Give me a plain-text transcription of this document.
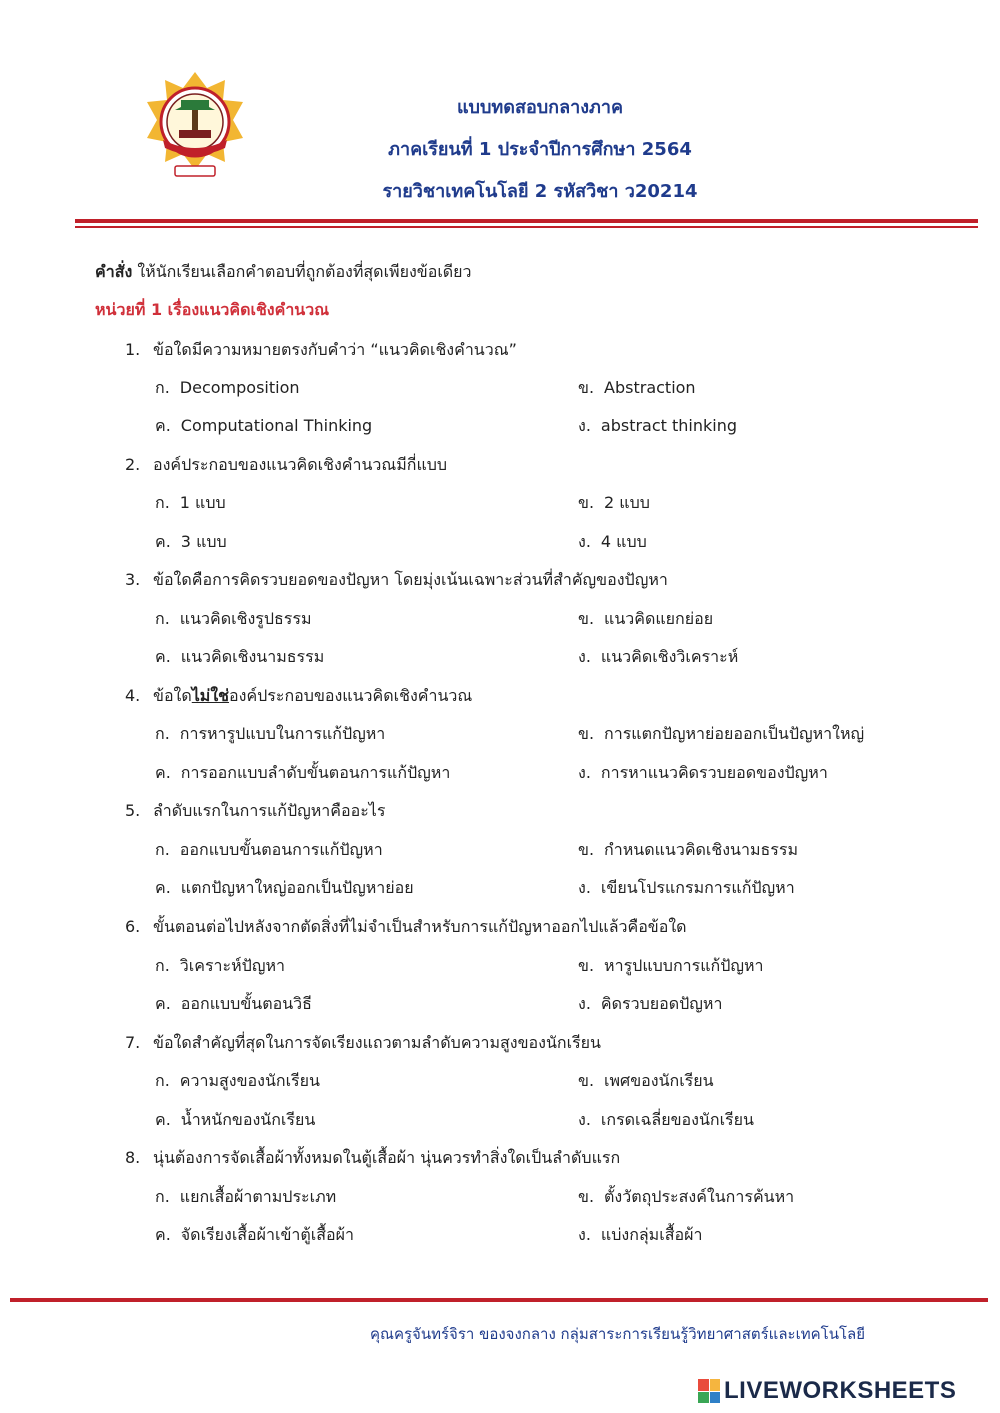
แบบทดสอบกลางภาค
ภาคเรียนที่ 1 ประจำปีการศึกษา 2564
รายวิชาเทคโนโลยี 2 รหัสวิชา ว20214
คำสั่ง ให้นักเรียนเลือกคำตอบที่ถูกต้องที่สุดเพียงข้อเดียว
หน่วยที่ 1 เรื่องแนวคิดเชิงคำนวณ
1. ข้อใดมีความหมายตรงกับคำว่า “แนวคิดเชิงคำนวณ”
ก. Decomposition	ข. Abstraction
ค. Computational Thinking	ง. abstract thinking
2. องค์ประกอบของแนวคิดเชิงคำนวณมีกี่แบบ
ก. 1 แบบ	ข. 2 แบบ
ค. 3 แบบ	ง. 4 แบบ
3. ข้อใดคือการคิดรวบยอดของปัญหา โดยมุ่งเน้นเฉพาะส่วนที่สำคัญของปัญหา
ก. แนวคิดเชิงรูปธรรม	ข. แนวคิดแยกย่อย
ค. แนวคิดเชิงนามธรรม	ง. แนวคิดเชิงวิเคราะห์
4. ข้อใดไม่ใช่องค์ประกอบของแนวคิดเชิงคำนวณ
ก. การหารูปแบบในการแก้ปัญหา	ข. การแตกปัญหาย่อยออกเป็นปัญหาใหญ่
ค. การออกแบบลำดับขั้นตอนการแก้ปัญหา	ง. การหาแนวคิดรวบยอดของปัญหา
5. ลำดับแรกในการแก้ปัญหาคืออะไร
ก. ออกแบบขั้นตอนการแก้ปัญหา	ข. กำหนดแนวคิดเชิงนามธรรม
ค. แตกปัญหาใหญ่ออกเป็นปัญหาย่อย	ง. เขียนโปรแกรมการแก้ปัญหา
6. ขั้นตอนต่อไปหลังจากตัดสิ่งที่ไม่จำเป็นสำหรับการแก้ปัญหาออกไปแล้วคือข้อใด
ก. วิเคราะห์ปัญหา	ข. หารูปแบบการแก้ปัญหา
ค. ออกแบบขั้นตอนวิธี	ง. คิดรวบยอดปัญหา
7. ข้อใดสำคัญที่สุดในการจัดเรียงแถวตามลำดับความสูงของนักเรียน
ก. ความสูงของนักเรียน	ข. เพศของนักเรียน
ค. น้ำหนักของนักเรียน	ง. เกรดเฉลี่ยของนักเรียน
8. นุ่นต้องการจัดเสื้อผ้าทั้งหมดในตู้เสื้อผ้า นุ่นควรทำสิ่งใดเป็นลำดับแรก
ก. แยกเสื้อผ้าตามประเภท	ข. ตั้งวัตถุประสงค์ในการค้นหา
ค. จัดเรียงเสื้อผ้าเข้าตู้เสื้อผ้า	ง. แบ่งกลุ่มเสื้อผ้า
คุณครูจันทร์จิรา ของจงกลาง กลุ่มสาระการเรียนรู้วิทยาศาสตร์และเทคโนโลยี
LIVEWORKSHEETS
